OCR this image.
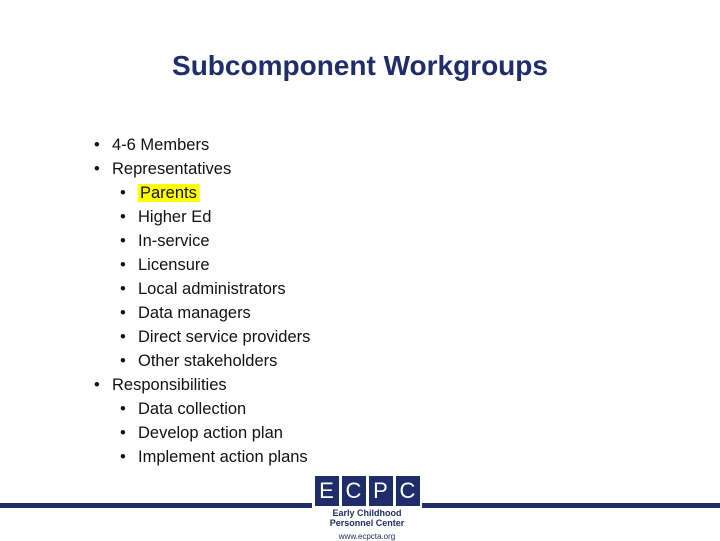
Subcomponent Workgroups
• 4-6 Members
• Representatives
• Parents
• Higher Ed
• In-service
• Licensure
• Local administrators
• Data managers
• Direct service providers
• Other stakeholders
• Responsibilities
• Data collection
• Develop action plan
• Implement action plans
E C P C
Early Childhood Personnel Center
www.ecpcta.org
